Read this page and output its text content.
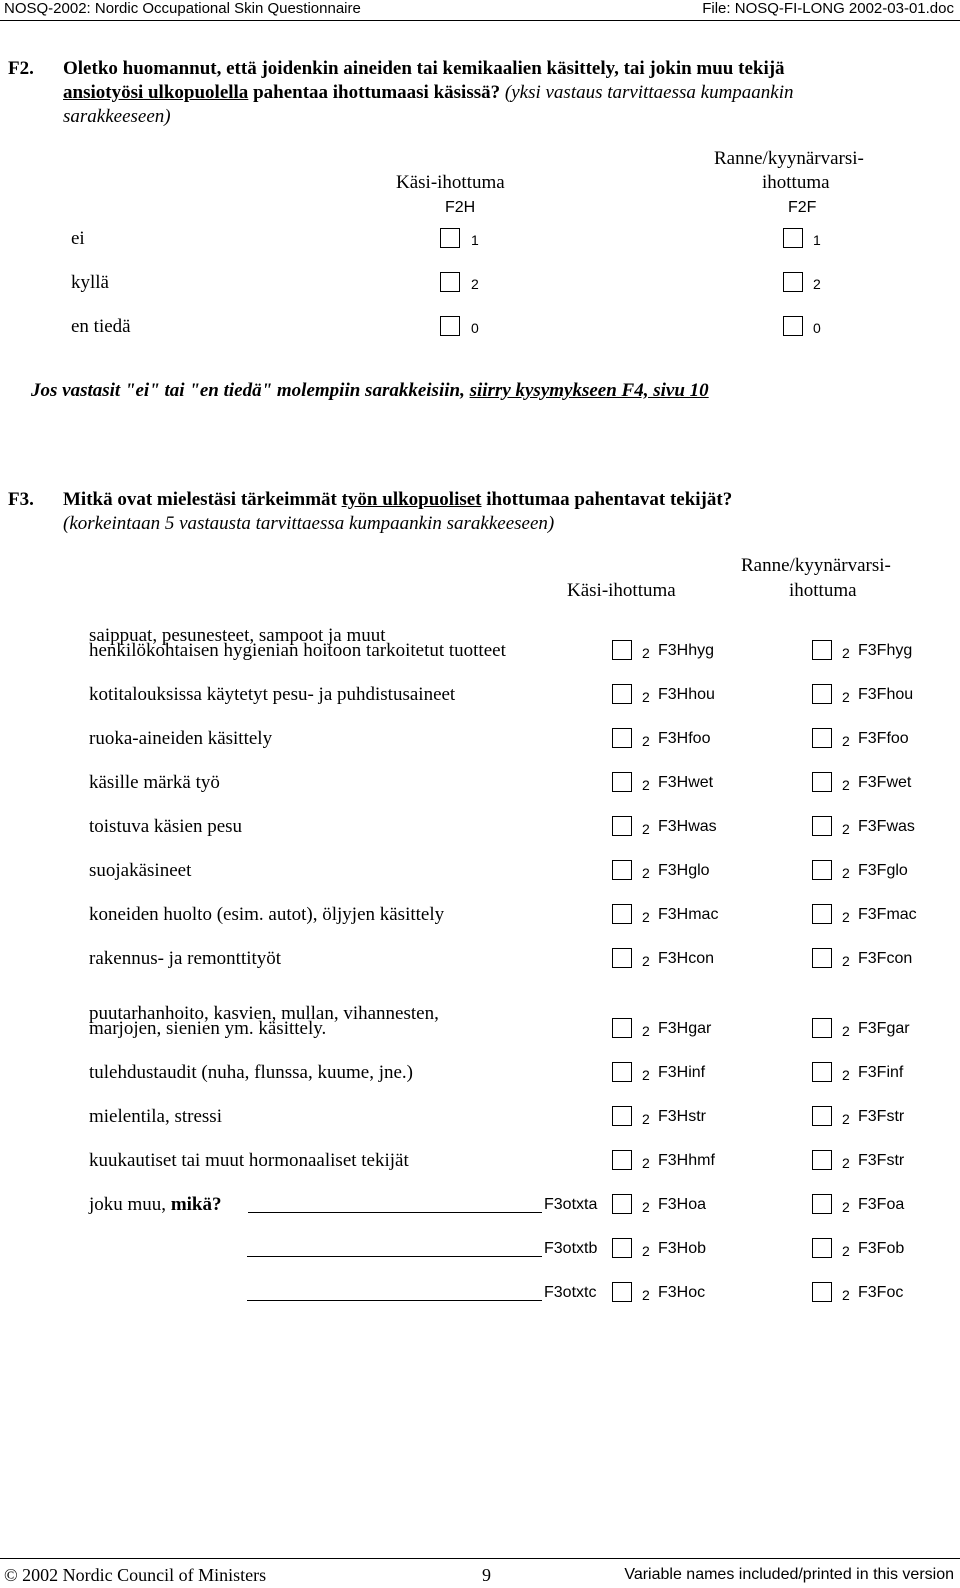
NOSQ-2002: Nordic Occupational Skin Questionnaire	File: NOSQ-FI-LONG 2002-03-01.doc
F2. Oletko huomannut, että joidenkin aineiden tai kemikaalien käsittely, tai jokin muu tekijä
ansiotyösi ulkopuolella pahentaa ihottumaasi käsissä? (yksi vastaus tarvittaessa kumpaankin
sarakkeeseen)
Käsi-ihottuma
F2H
Ranne/kyynärvarsi-
ihottuma
F2F
ei	1	1
kyllä	2	2
en tiedä	0	0
Jos vastasit "ei" tai "en tiedä" molempiin sarakkeisiin, siirry kysymykseen F4, sivu 10
F3. Mitkä ovat mielestäsi tärkeimmät työn ulkopuoliset ihottumaa pahentavat tekijät?
(korkeintaan 5 vastausta tarvittaessa kumpaankin sarakkeeseen)
Käsi-ihottuma
Ranne/kyynärvarsi-
ihottuma
saippuat, pesunesteet, sampoot ja muut
henkilökohtaisen hygienian hoitoon tarkoitetut tuotteet	2 F3Hhyg	2 F3Fhyg
kotitalouksissa käytetyt pesu- ja puhdistusaineet	2 F3Hhou	2 F3Fhou
ruoka-aineiden käsittely	2 F3Hfoo	2 F3Ffoo
käsille märkä työ	2 F3Hwet	2 F3Fwet
toistuva käsien pesu	2 F3Hwas	2 F3Fwas
suojakäsineet	2 F3Hglo	2 F3Fglo
koneiden huolto (esim. autot), öljyjen käsittely	2 F3Hmac	2 F3Fmac
rakennus- ja remonttityöt	2 F3Hcon	2 F3Fcon
puutarhanhoito, kasvien, mullan, vihannesten,
marjojen, sienien ym. käsittely.	2 F3Hgar	2 F3Fgar
tulehdustaudit (nuha, flunssa, kuume, jne.)	2 F3Hinf	2 F3Finf
mielentila, stressi	2 F3Hstr	2 F3Fstr
kuukautiset tai muut hormonaaliset tekijät	2 F3Hhmf	2 F3Fstr
joku muu, mikä?	F3otxta	2 F3Hoa	2 F3Foa
F3otxtb	2 F3Hob	2 F3Fob
F3otxtc	2 F3Hoc	2 F3Foc
© 2002 Nordic Council of Ministers	9	Variable names included/printed in this version
